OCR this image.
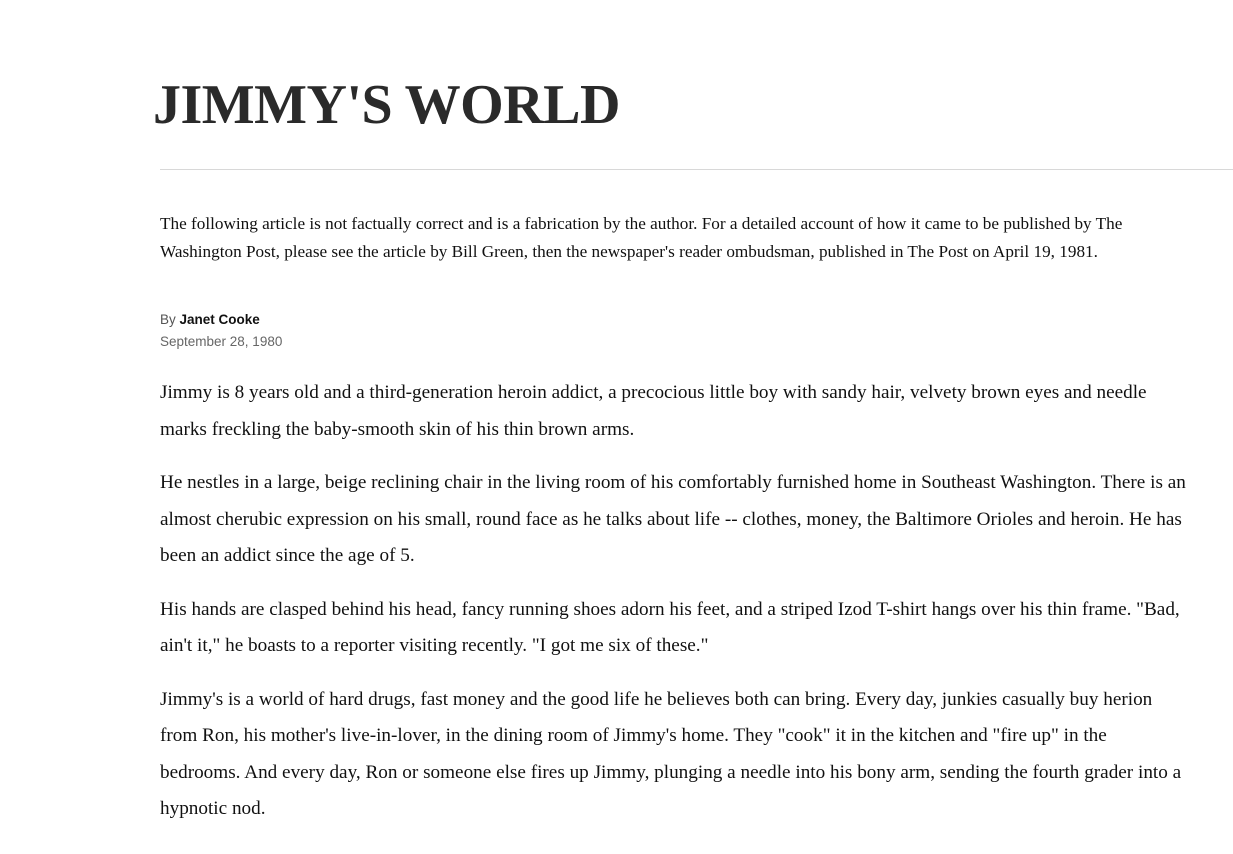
JIMMY'S WORLD

The following article is not factually correct and is a fabrication by the author. For a detailed account of how it came to be published by The Washington Post, please see the article by Bill Green, then the newspaper's reader ombudsman, published in The Post on April 19, 1981.

By Janet Cooke
September 28, 1980

Jimmy is 8 years old and a third-generation heroin addict, a precocious little boy with sandy hair, velvety brown eyes and needle marks freckling the baby-smooth skin of his thin brown arms.

He nestles in a large, beige reclining chair in the living room of his comfortably furnished home in Southeast Washington. There is an almost cherubic expression on his small, round face as he talks about life -- clothes, money, the Baltimore Orioles and heroin. He has been an addict since the age of 5.

His hands are clasped behind his head, fancy running shoes adorn his feet, and a striped Izod T-shirt hangs over his thin frame. "Bad, ain't it," he boasts to a reporter visiting recently. "I got me six of these."

Jimmy's is a world of hard drugs, fast money and the good life he believes both can bring. Every day, junkies casually buy herion from Ron, his mother's live-in-lover, in the dining room of Jimmy's home. They "cook" it in the kitchen and "fire up" in the bedrooms. And every day, Ron or someone else fires up Jimmy, plunging a needle into his bony arm, sending the fourth grader into a hypnotic nod.
